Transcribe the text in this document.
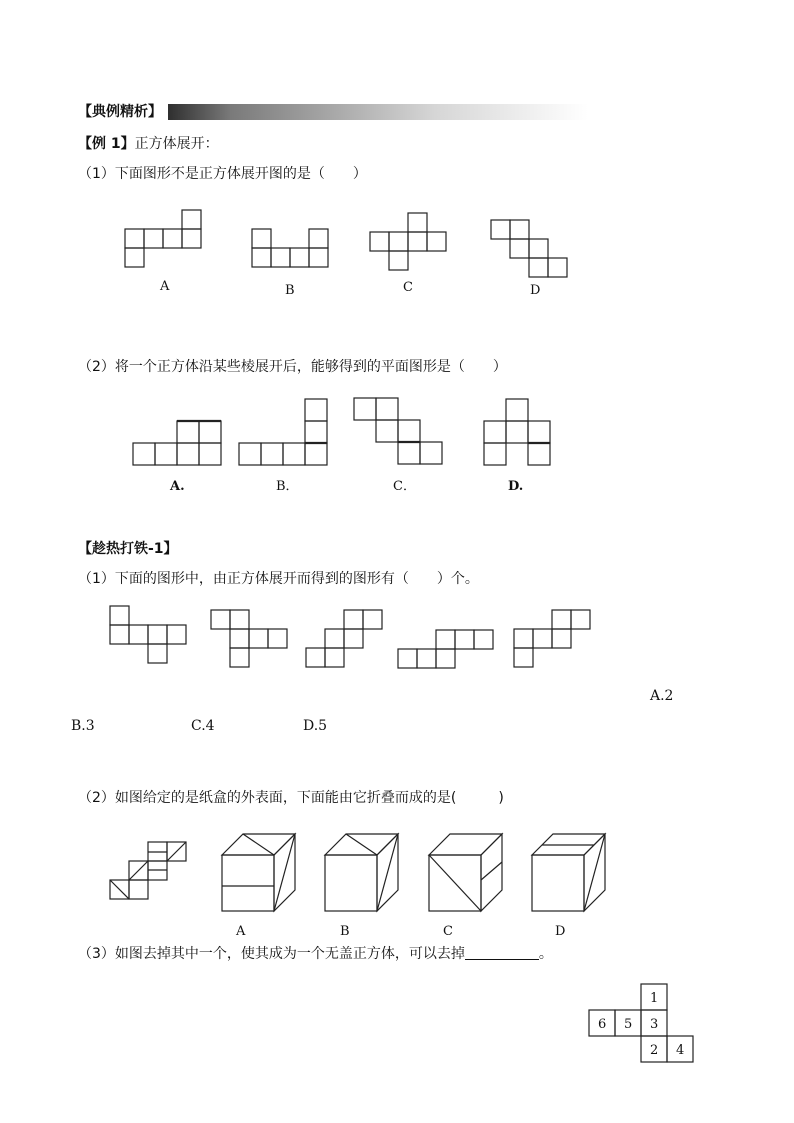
【典例精析】
【例 1】正方体展开：
（1）下面图形不是正方体展开图的是（　　）
A	B	C	D
（2）将一个正方体沿某些棱展开后，能够得到的平面图形是（　　）
A.	B．	C．	D.
【趁热打铁-1】
（1）下面的图形中，由正方体展开而得到的图形有（　　）个。
A.2
B.3	C.4	D.5
（2）如图给定的是纸盒的外表面，下面能由它折叠而成的是(　　　)
A	B	C	D
（3）如图去掉其中一个，使其成为一个无盖正方体，可以去掉	。
1
6 5 3
2 4
